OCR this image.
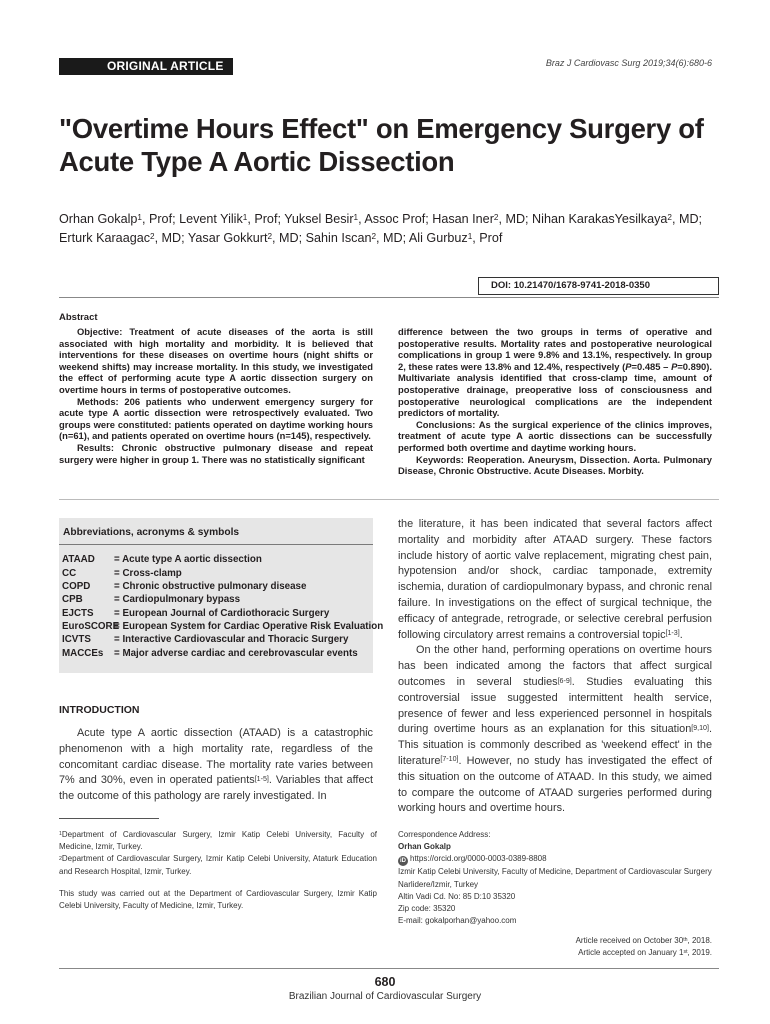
ORIGINAL ARTICLE	Braz J Cardiovasc Surg 2019;34(6):680-6
"Overtime Hours Effect" on Emergency Surgery of Acute Type A Aortic Dissection
Orhan Gokalp$^1$, Prof; Levent Yilik$^1$, Prof; Yuksel Besir$^1$, Assoc Prof; Hasan Iner$^2$, MD; Nihan KarakasYesilkaya$^2$, MD; Erturk Karaagac$^2$, MD; Yasar Gokkurt$^2$, MD; Sahin Iscan$^2$, MD; Ali Gurbuz$^1$, Prof
DOI: 10.21470/1678-9741-2018-0350
Abstract

Objective: Treatment of acute diseases of the aorta is still associated with high mortality and morbidity. It is believed that interventions for these diseases on overtime hours (night shifts or weekend shifts) may increase mortality. In this study, we investigated the effect of performing acute type A aortic dissection surgery on overtime hours in terms of postoperative outcomes.

Methods: 206 patients who underwent emergency surgery for acute type A aortic dissection were retrospectively evaluated. Two groups were constituted: patients operated on daytime working hours (n=61), and patients operated on overtime hours (n=145), respectively.

Results: Chronic obstructive pulmonary disease and repeat surgery were higher in group 1. There was no statistically significant

difference between the two groups in terms of operative and postoperative results. Mortality rates and postoperative neurological complications in group 1 were 9.8% and 13.1%, respectively. In group 2, these rates were 13.8% and 12.4%, respectively (P=0.485 – P=0.890). Multivariate analysis identified that cross-clamp time, amount of postoperative drainage, preoperative loss of consciousness and postoperative neurological complications are the independent predictors of mortality.

Conclusions: As the surgical experience of the clinics improves, treatment of acute type A aortic dissections can be successfully performed both overtime and daytime working hours.

Keywords: Reoperation. Aneurysm, Dissection. Aorta. Pulmonary Disease, Chronic Obstructive. Acute Diseases. Morbity.

Abbreviations, acronyms & symbols
ATAAD = Acute type A aortic dissection
CC	= Cross-clamp
COPD = Chronic obstructive pulmonary disease
CPB	= Cardiopulmonary bypass
EJCTS = European Journal of Cardiothoracic Surgery
EuroSCORE= European System for Cardiac Operative Risk Evaluation
ICVTS = Interactive Cardiovascular and Thoracic Surgery
MACCEs = Major adverse cardiac and cerebrovascular events
INTRODUCTION

Acute type A aortic dissection (ATAAD) is a catastrophic phenomenon with a high mortality rate, regardless of the concomitant cardiac disease. The mortality rate varies between 7% and 30%, even in operated patients[1-5]. Variables that affect the outcome of this pathology are rarely investigated. In

the literature, it has been indicated that several factors affect mortality and morbidity after ATAAD surgery. These factors include history of aortic valve replacement, migrating chest pain, hypotension and/or shock, cardiac tamponade, extremity ischemia, duration of cardiopulmonary bypass, and chronic renal failure. In investigations on the effect of surgical technique, the efficacy of antegrade, retrograde, or selective cerebral perfusion following circulatory arrest remains a controversial topic[1-3].

On the other hand, performing operations on overtime hours has been indicated among the factors that affect surgical outcomes in several studies[6-9]. Studies evaluating this controversial issue suggested intermittent health service, presence of fewer and less experienced personnel in hospitals during overtime hours as an explanation for this situation[9,10]. This situation is commonly described as 'weekend effect' in the literature[7-10]. However, no study has investigated the effect of this situation on the outcome of ATAAD. In this study, we aimed to compare the outcome of ATAAD surgeries performed during working hours and overtime hours.

$^1$Department of Cardiovascular Surgery, Izmir Katip Celebi University, Faculty of Medicine, Izmir, Turkey.
$^2$Department of Cardiovascular Surgery, Izmir Katip Celebi University, Ataturk Education and Research Hospital, Izmir, Turkey.
This study was carried out at the Department of Cardiovascular Surgery, Izmir Katip Celebi University, Faculty of Medicine, Izmir, Turkey.
Correspondence Address:
Orhan Gokalp
iD https://orcid.org/0000-0003-0389-8808
Izmir Katip Celebi University, Faculty of Medicine, Department of Cardiovascular Surgery
Narlidere/Izmir, Turkey
Altin Vadi Cd. No: 85 D:10 35320
Zip code: 35320
E-mail: gokalporhan@yahoo.com
Article received on October 30th, 2018.
Article accepted on January 1st, 2019.
680
Brazilian Journal of Cardiovascular Surgery
